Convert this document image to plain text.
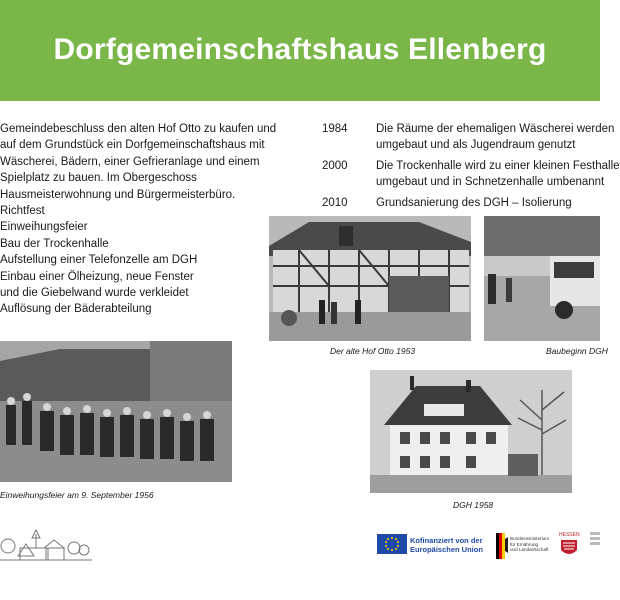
Dorfgemeinschaftshaus Ellenberg
Gemeindebeschluss den alten Hof Otto zu kaufen und
auf dem Grundstück ein Dorfgemeinschaftshaus mit
Wäscherei, Bädern, einer Gefrieranlage und einem
Spielplatz zu bauen. Im Obergeschoss
Hausmeisterwohnung und Bürgermeisterbüro.
Richtfest
Einweihungsfeier
Bau der Trockenhalle
Aufstellung einer Telefonzelle am DGH
Einbau einer Ölheizung, neue Fenster
und die Giebelwand wurde verkleidet
Auflösung der Bäderabteilung
1984	Die Räume der ehemaligen Wäscherei werden
umgebaut und als Jugendraum genutzt
2000	Die Trockenhalle wird zu einer kleinen Festhalle
umgebaut und in Schnetzenhalle umbenannt
2010	Grundsanierung des DGH – Isolierung
Der alte Hof Otto 1953	Baubeginn DGH
Einweihungsfeier am 9. September 1956
DGH 1958
Kofinanziert von der
Europäischen Union
Bundesministerium
für Ernährung
und Landwirtschaft
HESSEN
